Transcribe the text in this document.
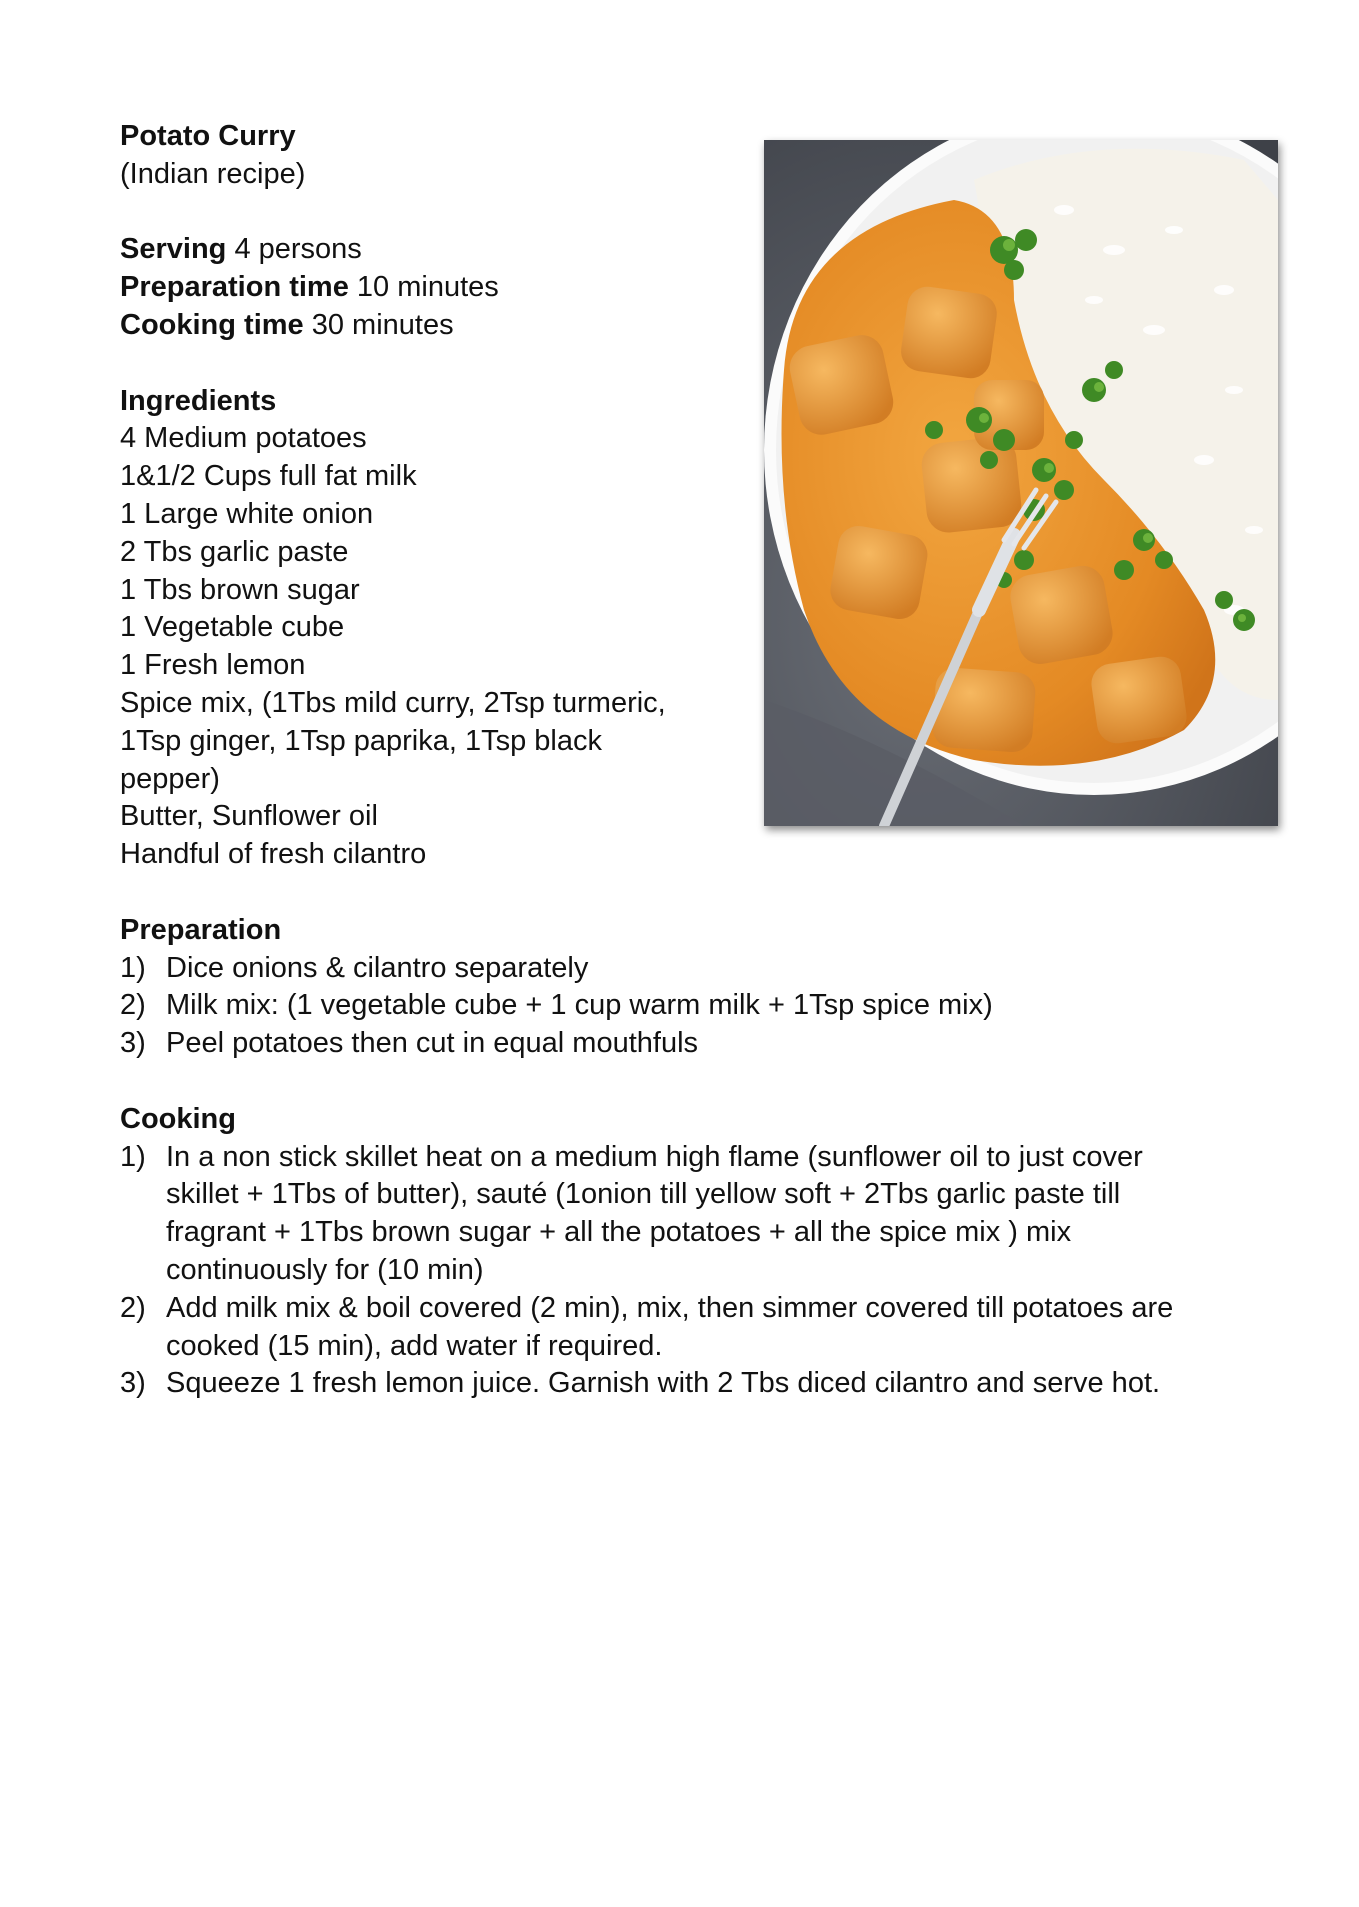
Potato Curry

(Indian recipe)

Serving 4 persons

Preparation time 10 minutes

Cooking time 30 minutes

Ingredients

4 Medium potatoes

1&1/2 Cups full fat milk

1 Large white onion

2 Tbs garlic paste

1 Tbs brown sugar

1 Vegetable cube

1 Fresh lemon

Spice mix, (1Tbs mild curry, 2Tsp turmeric,

1Tsp ginger, 1Tsp paprika, 1Tsp black

pepper)

Butter, Sunflower oil

Handful of fresh cilantro

Preparation

1) Dice onions & cilantro separately
2) Milk mix: (1 vegetable cube + 1 cup warm milk + 1Tsp spice mix)
3) Peel potatoes then cut in equal mouthfuls

Cooking

1) In a non stick skillet heat on a medium high flame (sunflower oil to just cover
skillet + 1Tbs of butter), sauté (1onion till yellow soft + 2Tbs garlic paste till
fragrant + 1Tbs brown sugar + all the potatoes + all the spice mix ) mix
continuously for (10 min)
2) Add milk mix & boil covered (2 min), mix, then simmer covered till potatoes are
cooked (15 min), add water if required.
3) Squeeze 1 fresh lemon juice. Garnish with 2 Tbs diced cilantro and serve hot.
